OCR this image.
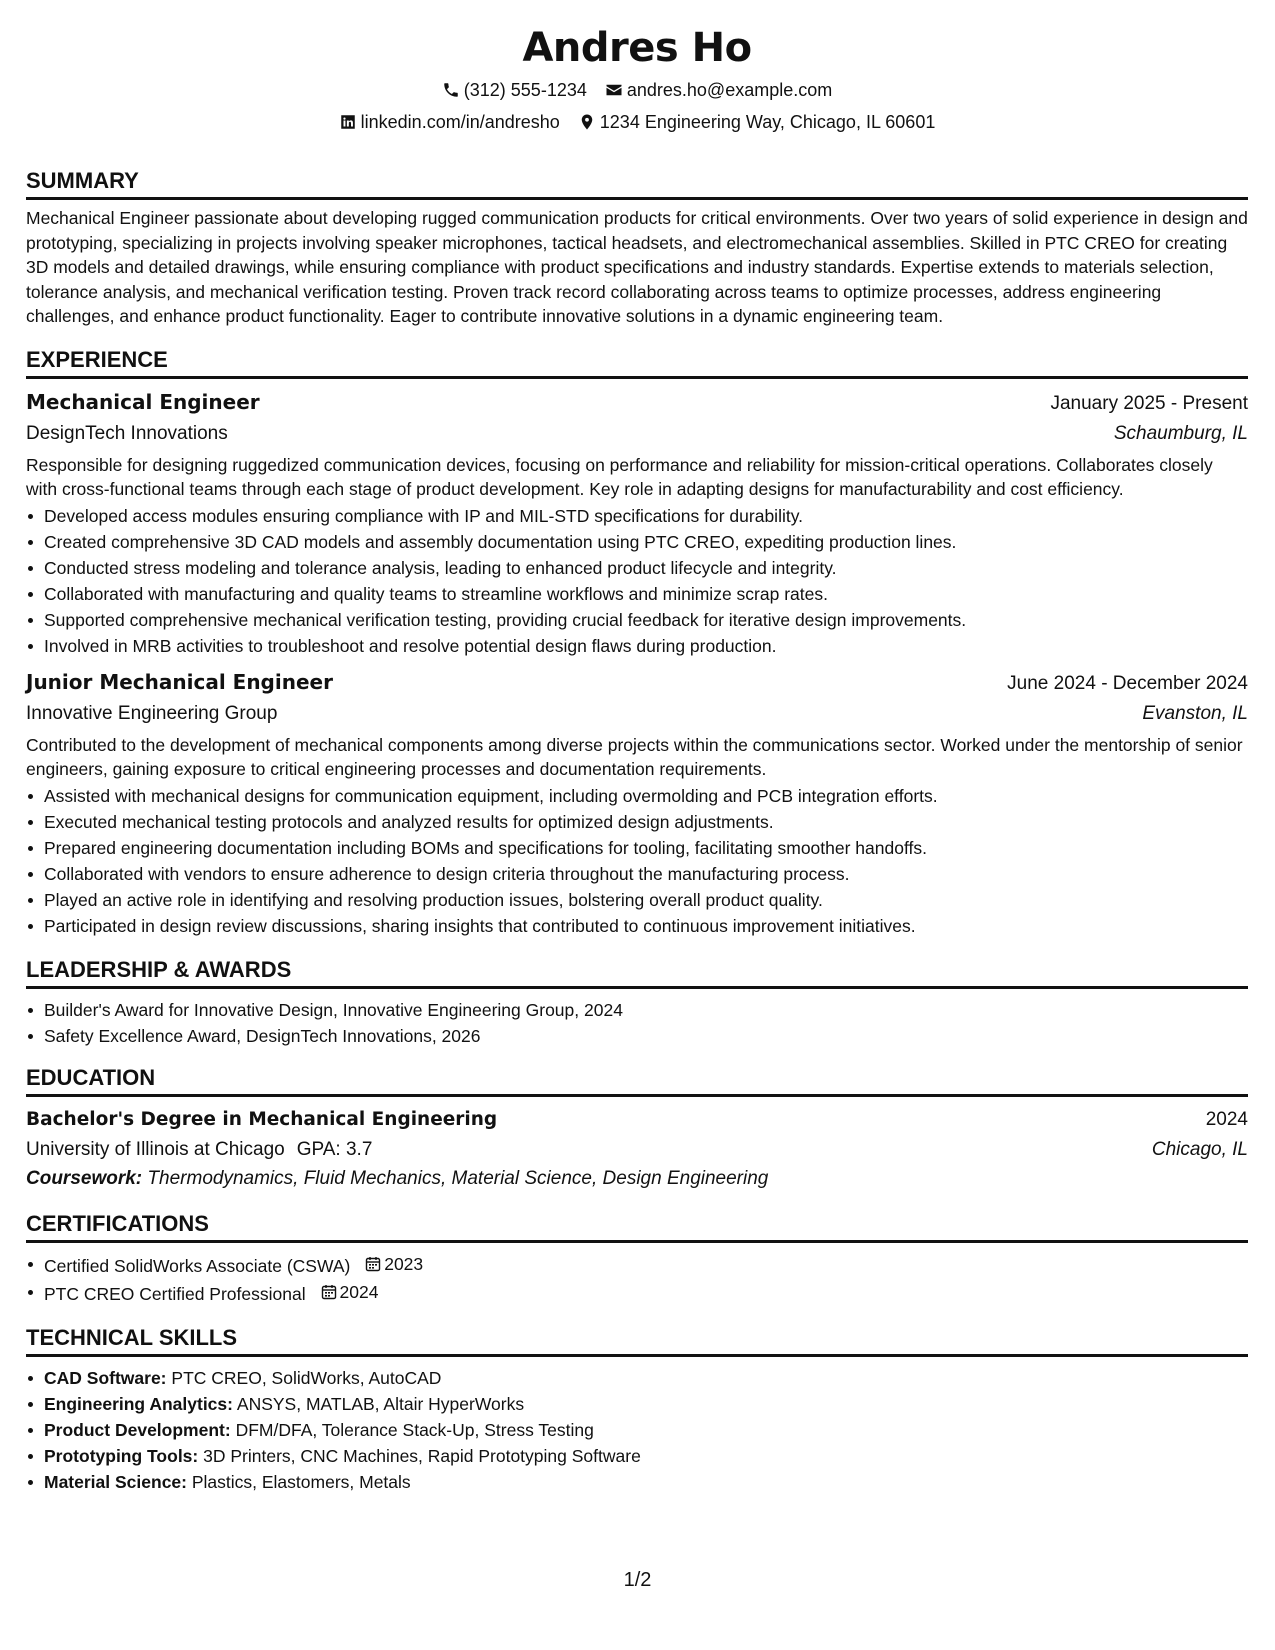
Andres Ho
(312) 555-1234 andres.ho@example.com
linkedin.com/in/andresho 1234 Engineering Way, Chicago, IL 60601
SUMMARY

Mechanical Engineer passionate about developing rugged communication products for critical environments. Over two years of solid experience in design and prototyping, specializing in projects involving speaker microphones, tactical headsets, and electromechanical assemblies. Skilled in PTC CREO for creating 3D models and detailed drawings, while ensuring compliance with product specifications and industry standards. Expertise extends to materials selection, tolerance analysis, and mechanical verification testing. Proven track record collaborating across teams to optimize processes, address engineering challenges, and enhance product functionality. Eager to contribute innovative solutions in a dynamic engineering team.

EXPERIENCE
Mechanical Engineer	January 2025 - Present
DesignTech Innovations	Schaumburg, IL
Responsible for designing ruggedized communication devices, focusing on performance and reliability for mission-critical operations. Collaborates closely with cross-functional teams through each stage of product development. Key role in adapting designs for manufacturability and cost efficiency.
Developed access modules ensuring compliance with IP and MIL-STD specifications for durability.
Created comprehensive 3D CAD models and assembly documentation using PTC CREO, expediting production lines.
Conducted stress modeling and tolerance analysis, leading to enhanced product lifecycle and integrity.
Collaborated with manufacturing and quality teams to streamline workflows and minimize scrap rates.
Supported comprehensive mechanical verification testing, providing crucial feedback for iterative design improvements.
Involved in MRB activities to troubleshoot and resolve potential design flaws during production.
Junior Mechanical Engineer	June 2024 - December 2024
Innovative Engineering Group	Evanston, IL
Contributed to the development of mechanical components among diverse projects within the communications sector. Worked under the mentorship of senior engineers, gaining exposure to critical engineering processes and documentation requirements.
Assisted with mechanical designs for communication equipment, including overmolding and PCB integration efforts.
Executed mechanical testing protocols and analyzed results for optimized design adjustments.
Prepared engineering documentation including BOMs and specifications for tooling, facilitating smoother handoffs.
Collaborated with vendors to ensure adherence to design criteria throughout the manufacturing process.
Played an active role in identifying and resolving production issues, bolstering overall product quality.
Participated in design review discussions, sharing insights that contributed to continuous improvement initiatives.
LEADERSHIP & AWARDS
Builder's Award for Innovative Design, Innovative Engineering Group, 2024
Safety Excellence Award, DesignTech Innovations, 2026
EDUCATION
Bachelor's Degree in Mechanical Engineering	2024
University of Illinois at Chicago GPA: 3.7	Chicago, IL
Coursework: Thermodynamics, Fluid Mechanics, Material Science, Design Engineering
CERTIFICATIONS
Certified SolidWorks Associate (CSWA) 2023
PTC CREO Certified Professional 2024
TECHNICAL SKILLS
CAD Software: PTC CREO, SolidWorks, AutoCAD
Engineering Analytics: ANSYS, MATLAB, Altair HyperWorks
Product Development: DFM/DFA, Tolerance Stack-Up, Stress Testing
Prototyping Tools: 3D Printers, CNC Machines, Rapid Prototyping Software
Material Science: Plastics, Elastomers, Metals
1/2
